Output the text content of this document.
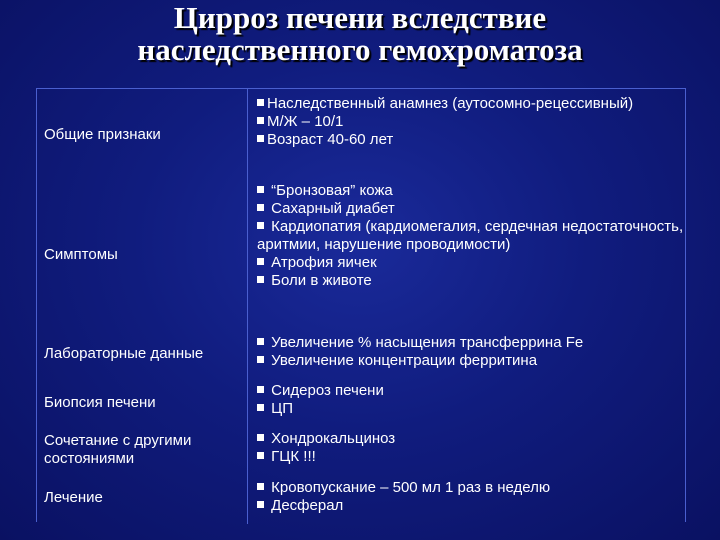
Цирроз печени вследствие
наследственного гемохроматоза
Общие признаки
Наследственный анамнез (аутосомно-рецессивный)
М/Ж – 10/1
Возраст 40-60 лет
Симптомы
“Бронзовая” кожа
Сахарный диабет
Кардиопатия (кардиомегалия, сердечная недостаточность, аритмии, нарушение проводимости)
Атрофия яичек
Боли в животе
Лабораторные данные
Увеличение % насыщения трансферрина Fe
Увеличение концентрации ферритина
Биопсия печени
Сидероз печени
ЦП
Сочетание с другими состояниями
Хондрокальциноз
ГЦК !!!
Лечение
Кровопускание – 500 мл 1 раз в неделю
Десферал
